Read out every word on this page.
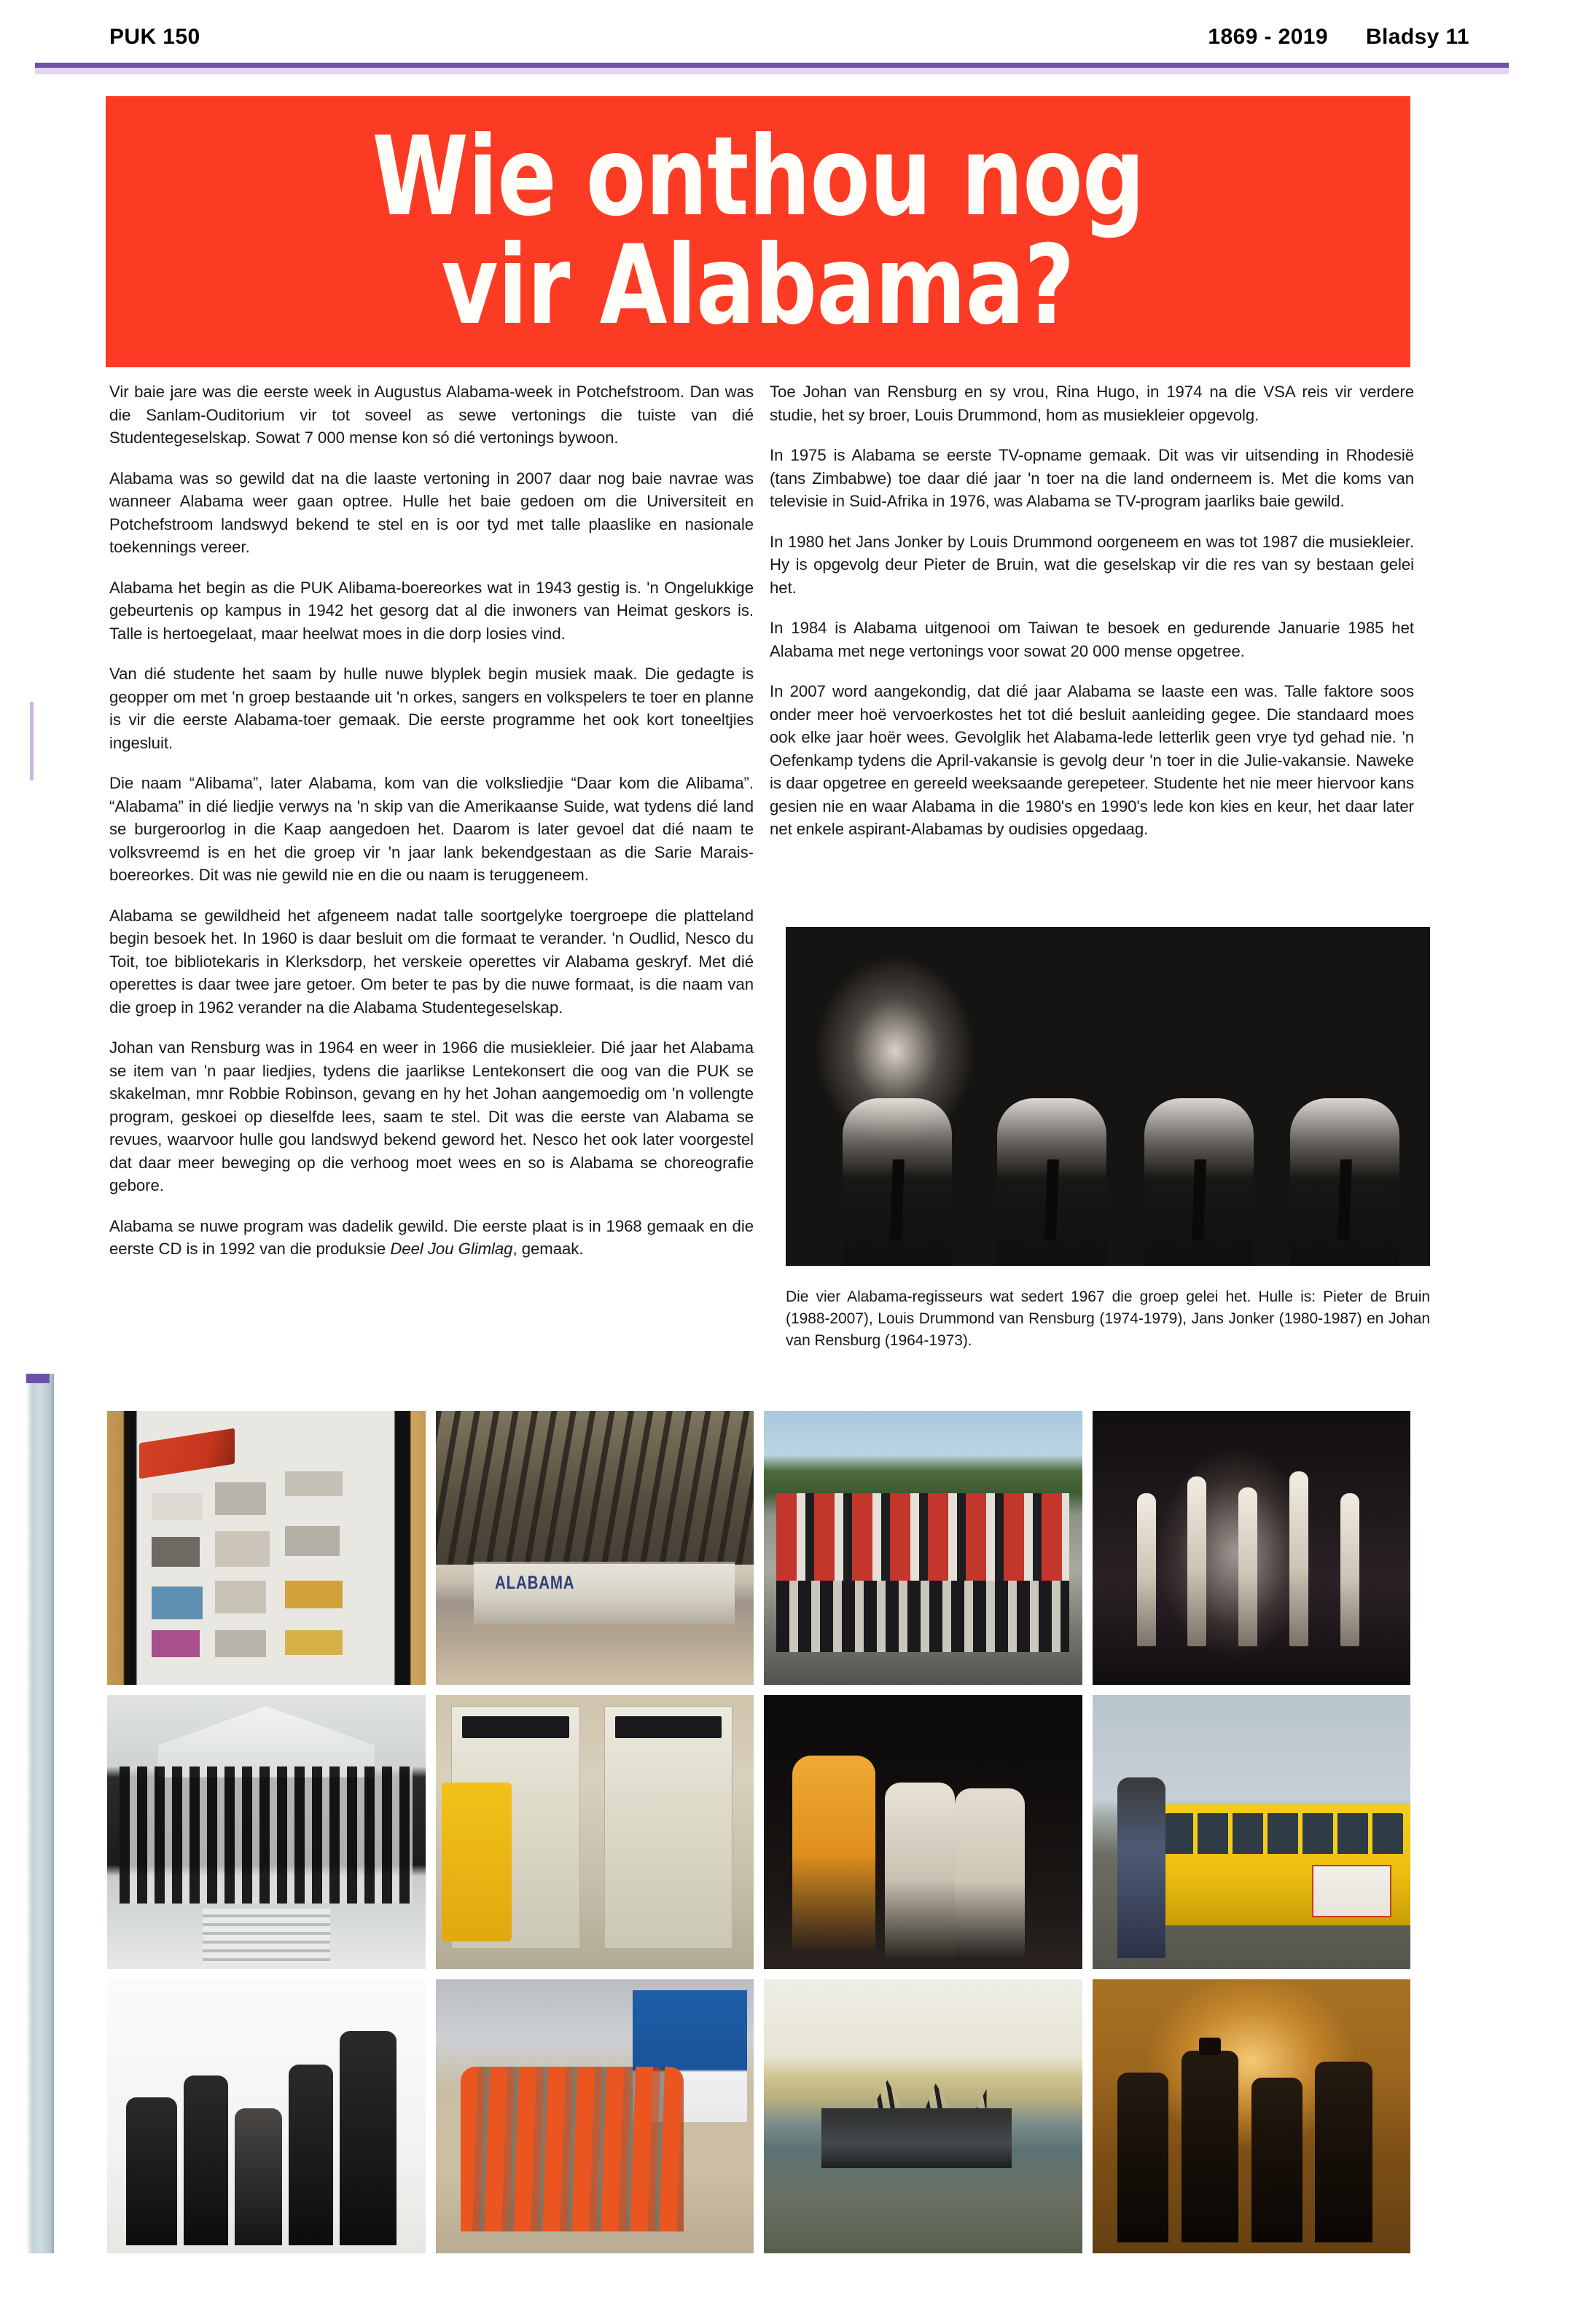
PUK 150	1869 - 2019 Bladsy 11
Wie onthou nog
vir Alabama?

Vir baie jare was die eerste week in Augustus Alabama-week in Potchefstroom. Dan was die Sanlam-Ouditorium vir tot soveel as sewe vertonings die tuiste van dié Studentegeselskap. Sowat 7 000 mense kon só dié vertonings bywoon.

Alabama was so gewild dat na die laaste vertoning in 2007 daar nog baie navrae was wanneer Alabama weer gaan optree. Hulle het baie gedoen om die Universiteit en Potchefstroom landswyd bekend te stel en is oor tyd met talle plaaslike en nasionale toekennings vereer.

Alabama het begin as die PUK Alibama-boereorkes wat in 1943 gestig is. 'n Ongelukkige gebeurtenis op kampus in 1942 het gesorg dat al die inwoners van Heimat geskors is. Talle is hertoegelaat, maar heelwat moes in die dorp losies vind.

Van dié studente het saam by hulle nuwe blyplek begin musiek maak. Die gedagte is geopper om met 'n groep bestaande uit 'n orkes, sangers en volkspelers te toer en planne is vir die eerste Alabama-toer gemaak. Die eerste programme het ook kort toneeltjies ingesluit.

Die naam “Alibama”, later Alabama, kom van die volksliedjie “Daar kom die Alibama”. “Alabama” in dié liedjie verwys na 'n skip van die Amerikaanse Suide, wat tydens dié land se burgeroorlog in die Kaap aangedoen het. Daarom is later gevoel dat dié naam te volksvreemd is en het die groep vir 'n jaar lank bekendgestaan as die Sarie Marais-boereorkes. Dit was nie gewild nie en die ou naam is teruggeneem.

Alabama se gewildheid het afgeneem nadat talle soortgelyke toergroepe die platteland begin besoek het. In 1960 is daar besluit om die formaat te verander. 'n Oudlid, Nesco du Toit, toe bibliotekaris in Klerksdorp, het verskeie operettes vir Alabama geskryf. Met dié operettes is daar twee jare getoer. Om beter te pas by die nuwe formaat, is die naam van die groep in 1962 verander na die Alabama Studentegeselskap.

Johan van Rensburg was in 1964 en weer in 1966 die musiekleier. Dié jaar het Alabama se item van 'n paar liedjies, tydens die jaarlikse Lentekonsert die oog van die PUK se skakelman, mnr Robbie Robinson, gevang en hy het Johan aangemoedig om 'n vollengte program, geskoei op dieselfde lees, saam te stel. Dit was die eerste van Alabama se revues, waarvoor hulle gou landswyd bekend geword het. Nesco het ook later voorgestel dat daar meer beweging op die verhoog moet wees en so is Alabama se choreografie gebore.

Alabama se nuwe program was dadelik gewild. Die eerste plaat is in 1968 gemaak en die eerste CD is in 1992 van die produksie Deel Jou Glimlag, gemaak.

Toe Johan van Rensburg en sy vrou, Rina Hugo, in 1974 na die VSA reis vir verdere studie, het sy broer, Louis Drummond, hom as musiekleier opgevolg.

In 1975 is Alabama se eerste TV-opname gemaak. Dit was vir uitsending in Rhodesië (tans Zimbabwe) toe daar dié jaar 'n toer na die land onderneem is. Met die koms van televisie in Suid-Afrika in 1976, was Alabama se TV-program jaarliks baie gewild.

In 1980 het Jans Jonker by Louis Drummond oorgeneem en was tot 1987 die musiekleier. Hy is opgevolg deur Pieter de Bruin, wat die geselskap vir die res van sy bestaan gelei het.

In 1984 is Alabama uitgenooi om Taiwan te besoek en gedurende Januarie 1985 het Alabama met nege vertonings voor sowat 20 000 mense opgetree.

In 2007 word aangekondig, dat dié jaar Alabama se laaste een was. Talle faktore soos onder meer hoë vervoerkostes het tot dié besluit aanleiding gegee. Die standaard moes ook elke jaar hoër wees. Gevolglik het Alabama-lede letterlik geen vrye tyd gehad nie. 'n Oefenkamp tydens die April-vakansie is gevolg deur 'n toer in die Julie-vakansie. Naweke is daar opgetree en gereeld weeksaande gerepeteer. Studente het nie meer hiervoor kans gesien nie en waar Alabama in die 1980's en 1990's lede kon kies en keur, het daar later net enkele aspirant-Alabamas by oudisies opgedaag.

Die vier Alabama-regisseurs wat sedert 1967 die groep gelei het. Hulle is: Pieter de Bruin (1988-2007), Louis Drummond van Rensburg (1974-1979), Jans Jonker (1980-1987) en Johan van Rensburg (1964-1973).
ALABAMA
